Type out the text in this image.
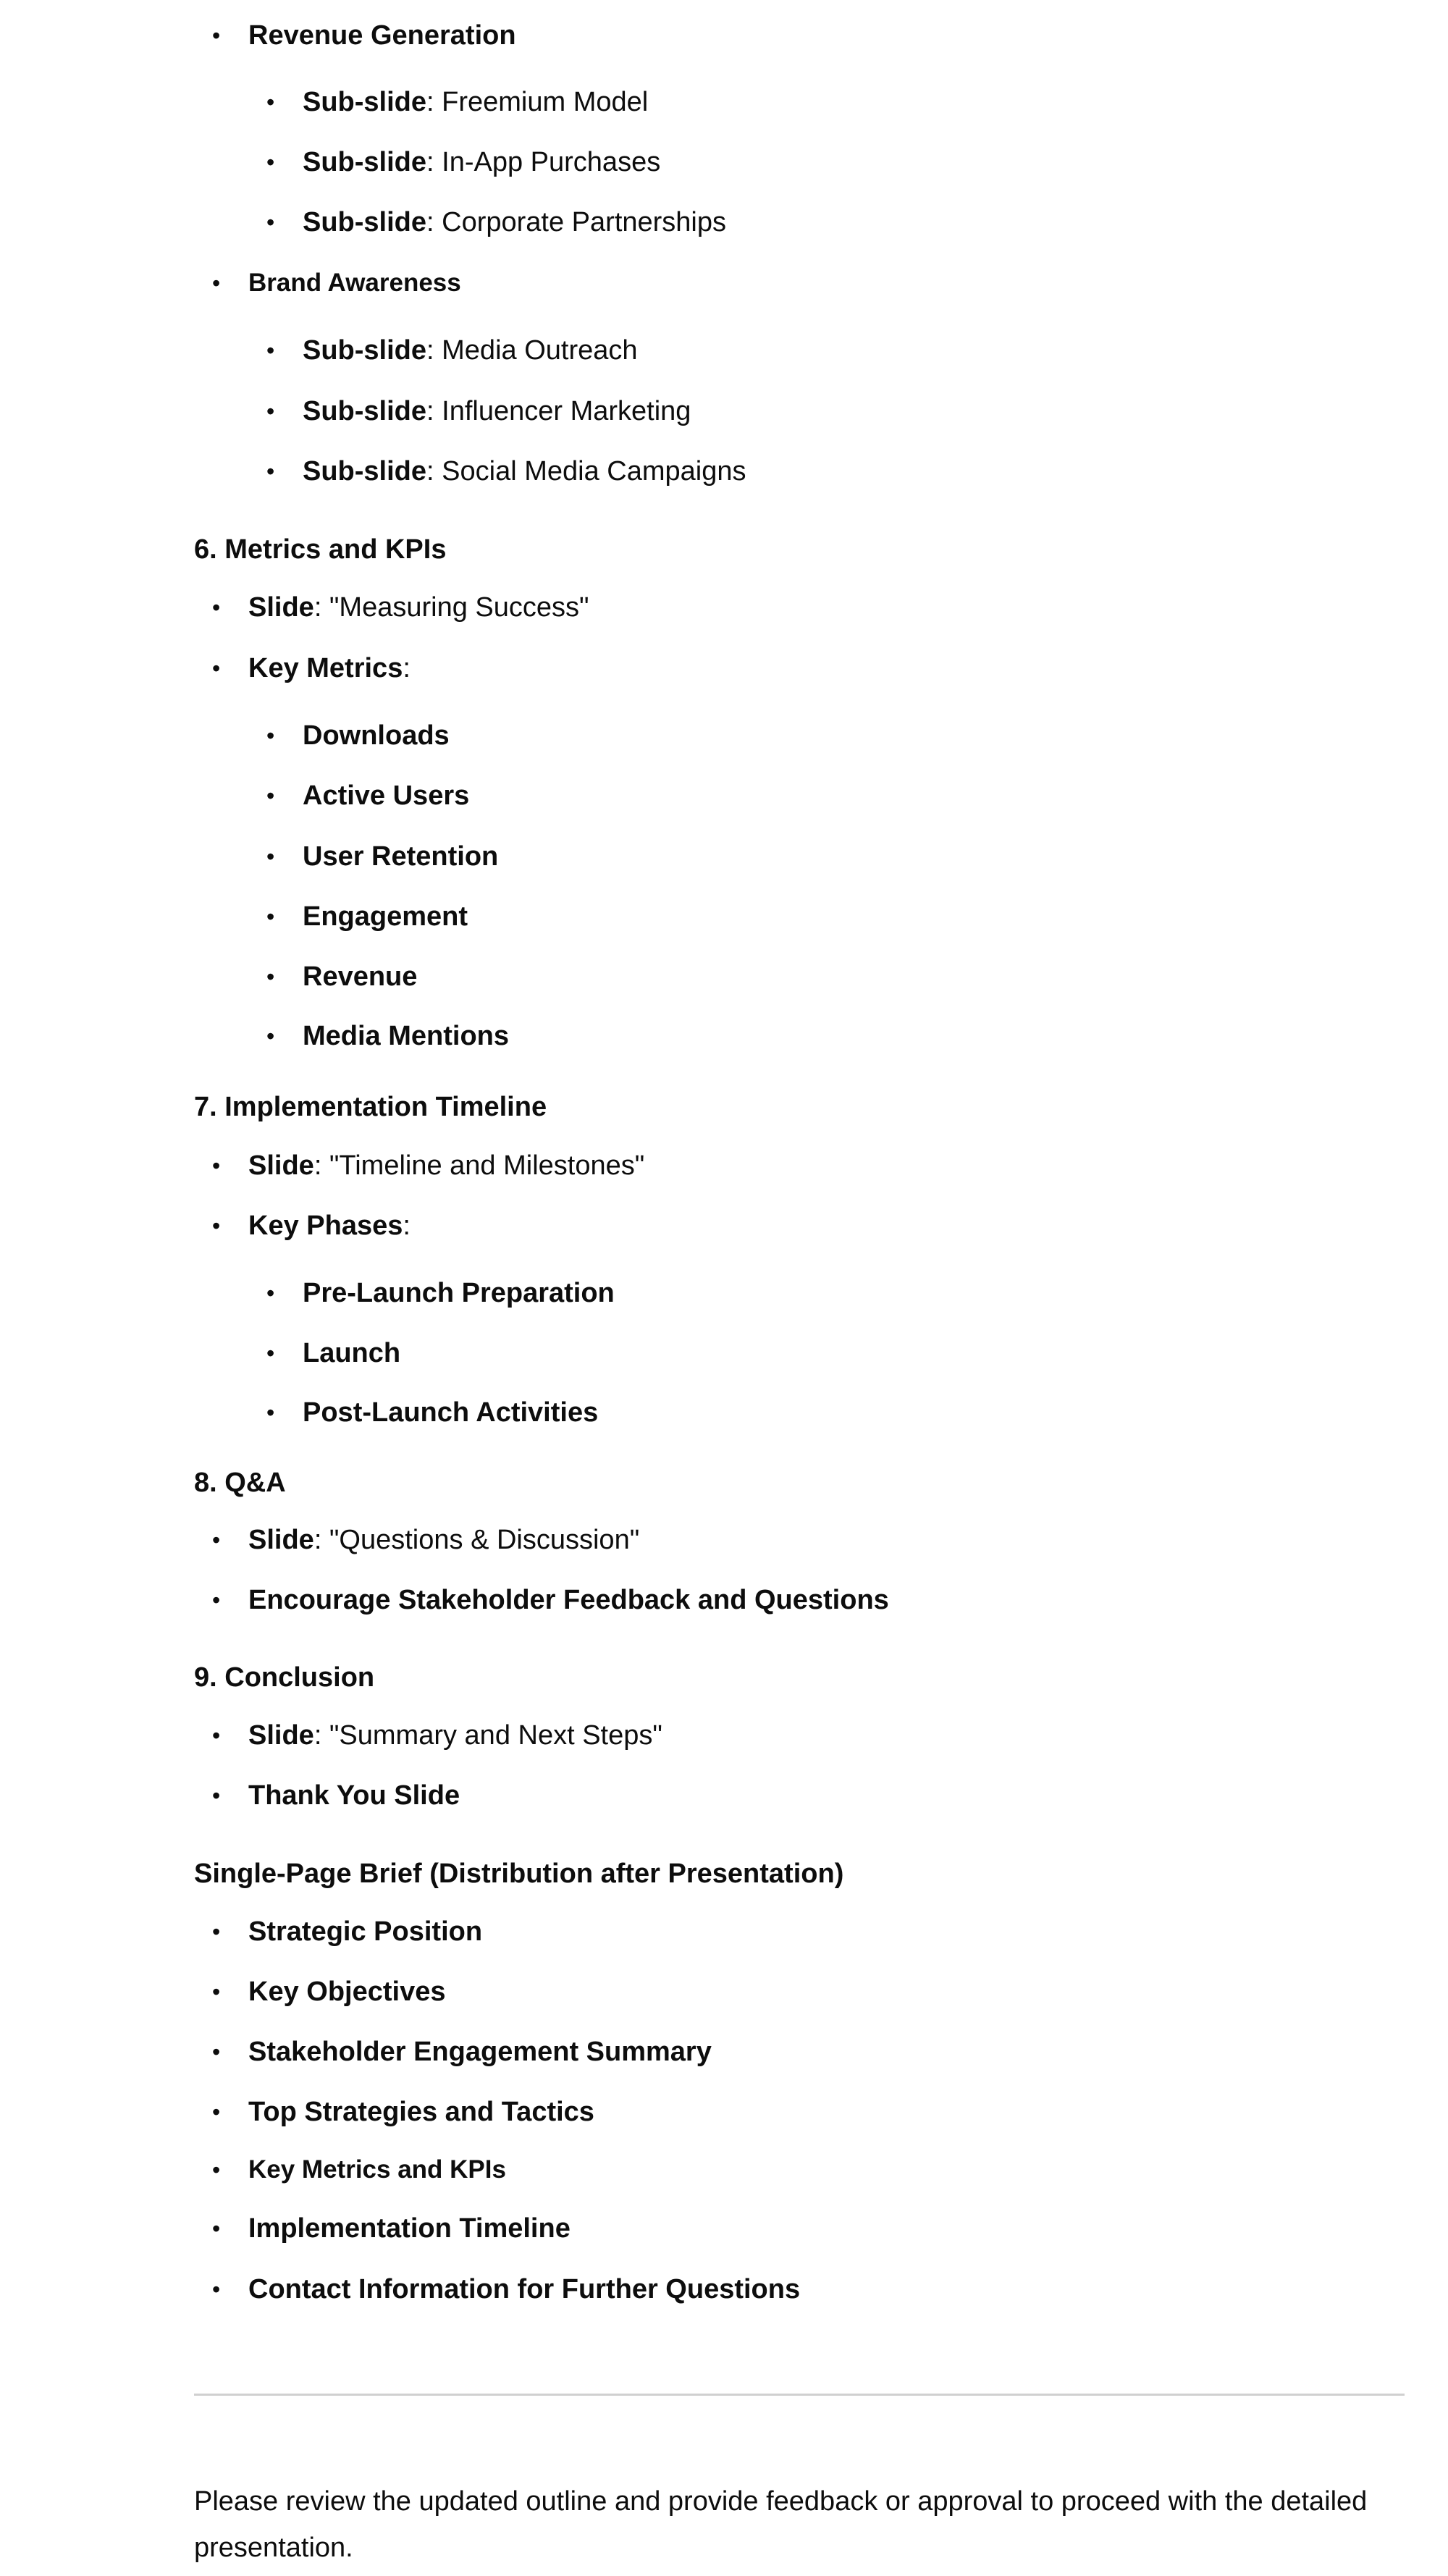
• Revenue Generation
• Sub-slide: Freemium Model
• Sub-slide: In-App Purchases
• Sub-slide: Corporate Partnerships
• Brand Awareness
• Sub-slide: Media Outreach
• Sub-slide: Influencer Marketing
• Sub-slide: Social Media Campaigns
6. Metrics and KPIs
• Slide: "Measuring Success"
• Key Metrics:
• Downloads
• Active Users
• User Retention
• Engagement
• Revenue
• Media Mentions
7. Implementation Timeline
• Slide: "Timeline and Milestones"
• Key Phases:
• Pre-Launch Preparation
• Launch
• Post-Launch Activities
8. Q&A
• Slide: "Questions & Discussion"
• Encourage Stakeholder Feedback and Questions
9. Conclusion
• Slide: "Summary and Next Steps"
• Thank You Slide
Single-Page Brief (Distribution after Presentation)
• Strategic Position
• Key Objectives
• Stakeholder Engagement Summary
• Top Strategies and Tactics
• Key Metrics and KPIs
• Implementation Timeline
• Contact Information for Further Questions
Please review the updated outline and provide feedback or approval to proceed with the detailed presentation.
